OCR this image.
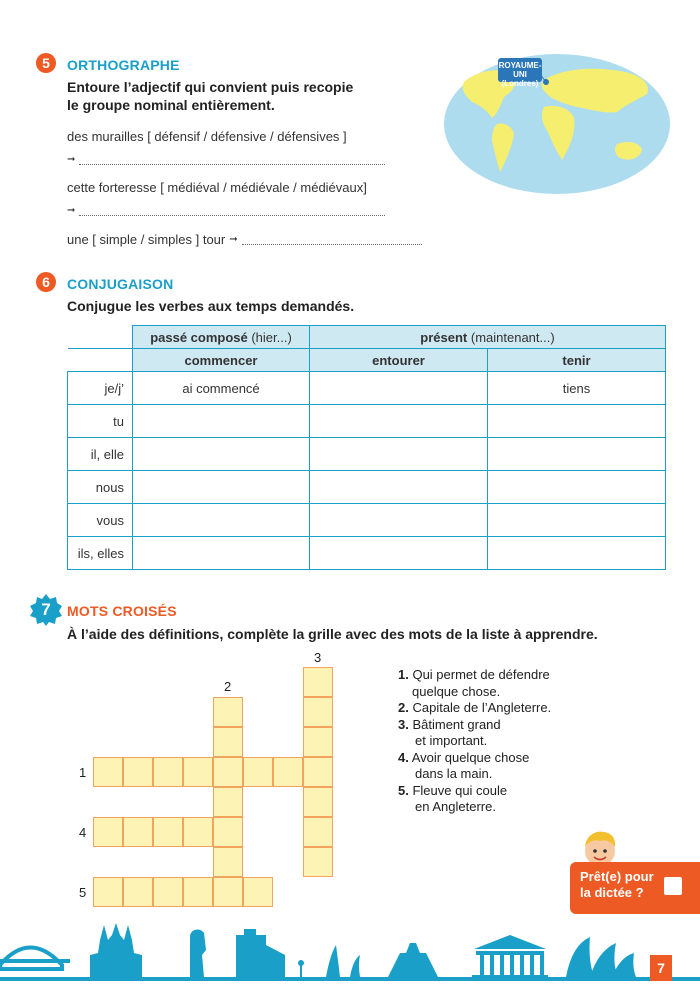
5	ORTHOGRAPHE
Entoure l’adjectif qui convient puis recopie
le groupe nominal entièrement.
des murailles [ défensif / défensive / défensives ]
➞
cette forteresse [ médiéval / médiévale / médiévaux]
➞
une [ simple / simples ] tour ➞
ROYAUME-UNI
(Londres)
6	CONJUGAISON
Conjugue les verbes aux temps demandés.
	passé composé (hier...)	présent (maintenant...)	
	commencer	entourer	tenir
je/j’	ai commencé		tiens
tu			
il, elle			
nous			
vous			
ils, elles			
7	MOTS CROISÉS
À l’aide des définitions, complète la grille avec des mots de la liste à apprendre.
1
2
3
4
5
1. Qui permet de défendre
quelque chose.
2. Capitale de l’Angleterre.
3. Bâtiment grand
et important.
4. Avoir quelque chose
dans la main.
5. Fleuve qui coule
en Angleterre.
Prêt(e) pour
la dictée ?
7
